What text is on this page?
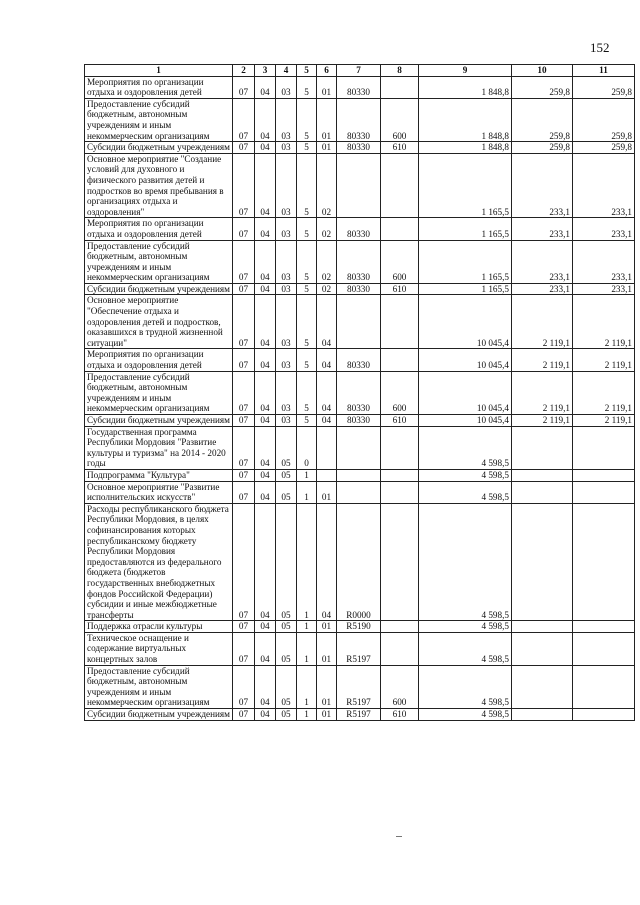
152
1	2	3	4	5	6	7	8	9	10	11
Мероприятия по организации отдыха и оздоровления детей	07	04	03	5	01	80330		1 848,8	259,8	259,8
Предоставление субсидий бюджетным, автономным учреждениям и иным некоммерческим организациям	07	04	03	5	01	80330	600	1 848,8	259,8	259,8
Субсидии бюджетным учреждениям	07	04	03	5	01	80330	610	1 848,8	259,8	259,8
Основное мероприятие "Создание условий для духовного и физического развития детей и подростков во время пребывания в организациях отдыха и оздоровления"	07	04	03	5	02			1 165,5	233,1	233,1
Мероприятия по организации отдыха и оздоровления детей	07	04	03	5	02	80330		1 165,5	233,1	233,1
Предоставление субсидий бюджетным, автономным учреждениям и иным некоммерческим организациям	07	04	03	5	02	80330	600	1 165,5	233,1	233,1
Субсидии бюджетным учреждениям	07	04	03	5	02	80330	610	1 165,5	233,1	233,1
Основное мероприятие "Обеспечение отдыха и оздоровления детей и подростков, оказавшихся в трудной жизненной ситуации"	07	04	03	5	04			10 045,4	2 119,1	2 119,1
Мероприятия по организации отдыха и оздоровления детей	07	04	03	5	04	80330		10 045,4	2 119,1	2 119,1
Предоставление субсидий бюджетным, автономным учреждениям и иным некоммерческим организациям	07	04	03	5	04	80330	600	10 045,4	2 119,1	2 119,1
Субсидии бюджетным учреждениям	07	04	03	5	04	80330	610	10 045,4	2 119,1	2 119,1
Государственная программа Республики Мордовия "Развитие культуры и туризма" на 2014 - 2020 годы	07	04	05	0				4 598,5		
Подпрограмма "Культура"	07	04	05	1				4 598,5		
Основное мероприятие "Развитие исполнительских искусств"	07	04	05	1	01			4 598,5		
Расходы республиканского бюджета Республики Мордовия, в целях софинансирования которых республиканскому бюджету Республики Мордовия предоставляются из федерального бюджета (бюджетов государственных внебюджетных фондов Российской Федерации) субсидии и иные межбюджетные трансферты	07	04	05	1	04	R0000		4 598,5		
Поддержка отрасли культуры	07	04	05	1	01	R5190		4 598,5		
Техническое оснащение и содержание виртуальных концертных залов	07	04	05	1	01	R5197		4 598,5		
Предоставление субсидий бюджетным, автономным учреждениям и иным некоммерческим организациям	07	04	05	1	01	R5197	600	4 598,5		
Субсидии бюджетным учреждениям	07	04	05	1	01	R5197	610	4 598,5		
